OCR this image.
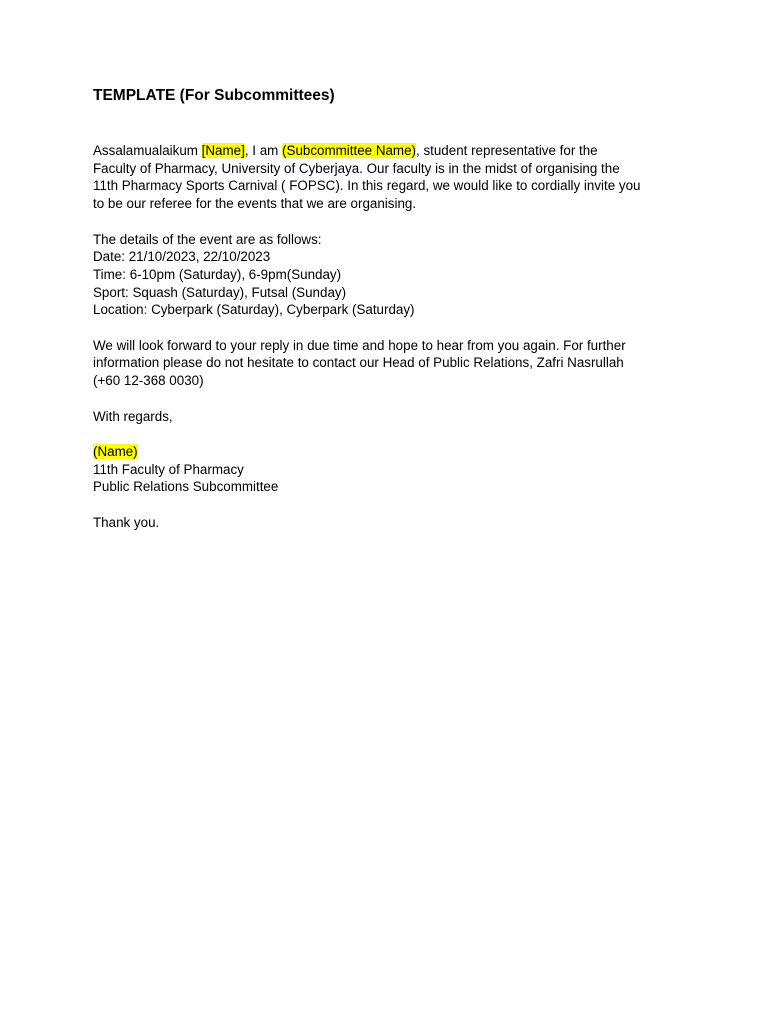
TEMPLATE (For Subcommittees)
Assalamualaikum [Name], I am (Subcommittee Name), student representative for the
Faculty of Pharmacy, University of Cyberjaya. Our faculty is in the midst of organising the
11th Pharmacy Sports Carnival ( FOPSC). In this regard, we would like to cordially invite you
to be our referee for the events that we are organising.
The details of the event are as follows:
Date: 21/10/2023, 22/10/2023
Time: 6-10pm (Saturday), 6-9pm(Sunday)
Sport: Squash (Saturday), Futsal (Sunday)
Location: Cyberpark (Saturday), Cyberpark (Saturday)
We will look forward to your reply in due time and hope to hear from you again. For further
information please do not hesitate to contact our Head of Public Relations, Zafri Nasrullah
(+60 12-368 0030)
With regards,
(Name)
11th Faculty of Pharmacy
Public Relations Subcommittee
Thank you.
